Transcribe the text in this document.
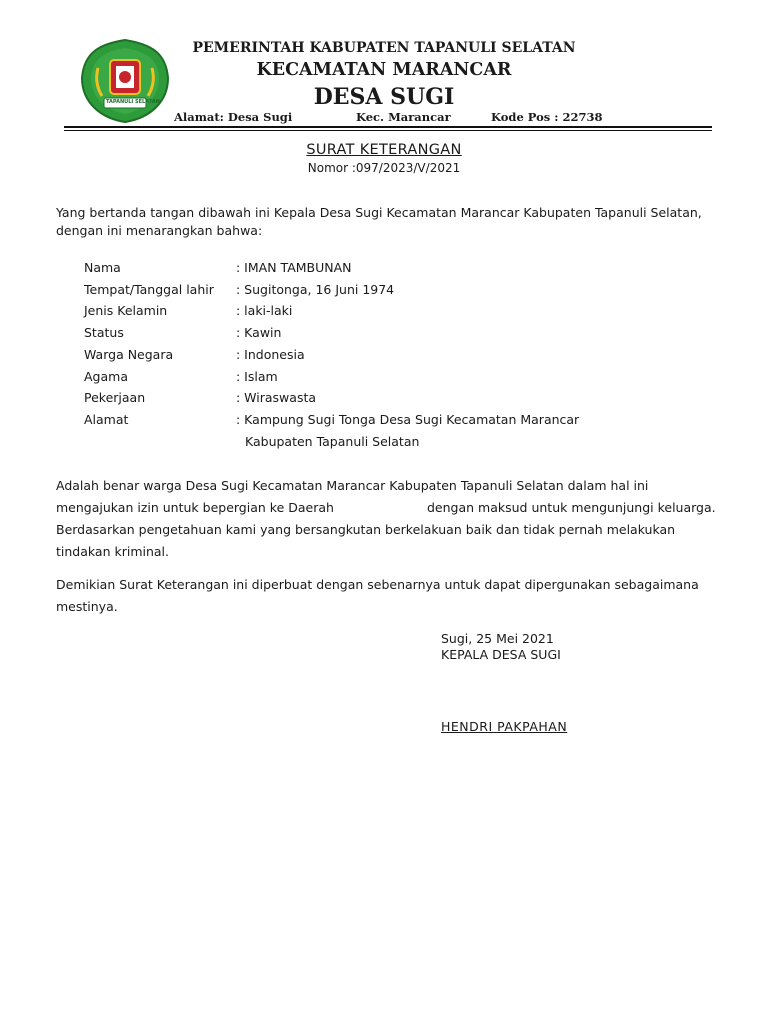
TAPANULI SELATAN
PEMERINTAH KABUPATEN TAPANULI SELATAN
KECAMATAN MARANCAR
DESA SUGI
Alamat: Desa Sugi	Kec. Marancar	Kode Pos : 22738
SURAT KETERANGAN
Nomor :097/2023/V/2021
Yang bertanda tangan dibawah ini Kepala Desa Sugi Kecamatan Marancar Kabupaten Tapanuli Selatan,
dengan ini menarangkan bahwa:
Nama	: IMAN TAMBUNAN
Tempat/Tanggal lahir : Sugitonga, 16 Juni 1974
Jenis Kelamin	: laki-laki
Status	: Kawin
Warga Negara	: Indonesia
Agama	: Islam
Pekerjaan	: Wiraswasta
Alamat	: Kampung Sugi Tonga Desa Sugi Kecamatan Marancar
Kabupaten Tapanuli Selatan
Adalah benar warga Desa Sugi Kecamatan Marancar Kabupaten Tapanuli Selatan dalam hal ini
mengajukan izin untuk bepergian ke Daerah	dengan maksud untuk mengunjungi keluarga.
Berdasarkan pengetahuan kami yang bersangkutan berkelakuan baik dan tidak pernah melakukan
tindakan kriminal.
Demikian Surat Keterangan ini diperbuat dengan sebenarnya untuk dapat dipergunakan sebagaimana
mestinya.
Sugi, 25 Mei 2021
KEPALA DESA SUGI
HENDRI PAKPAHAN
